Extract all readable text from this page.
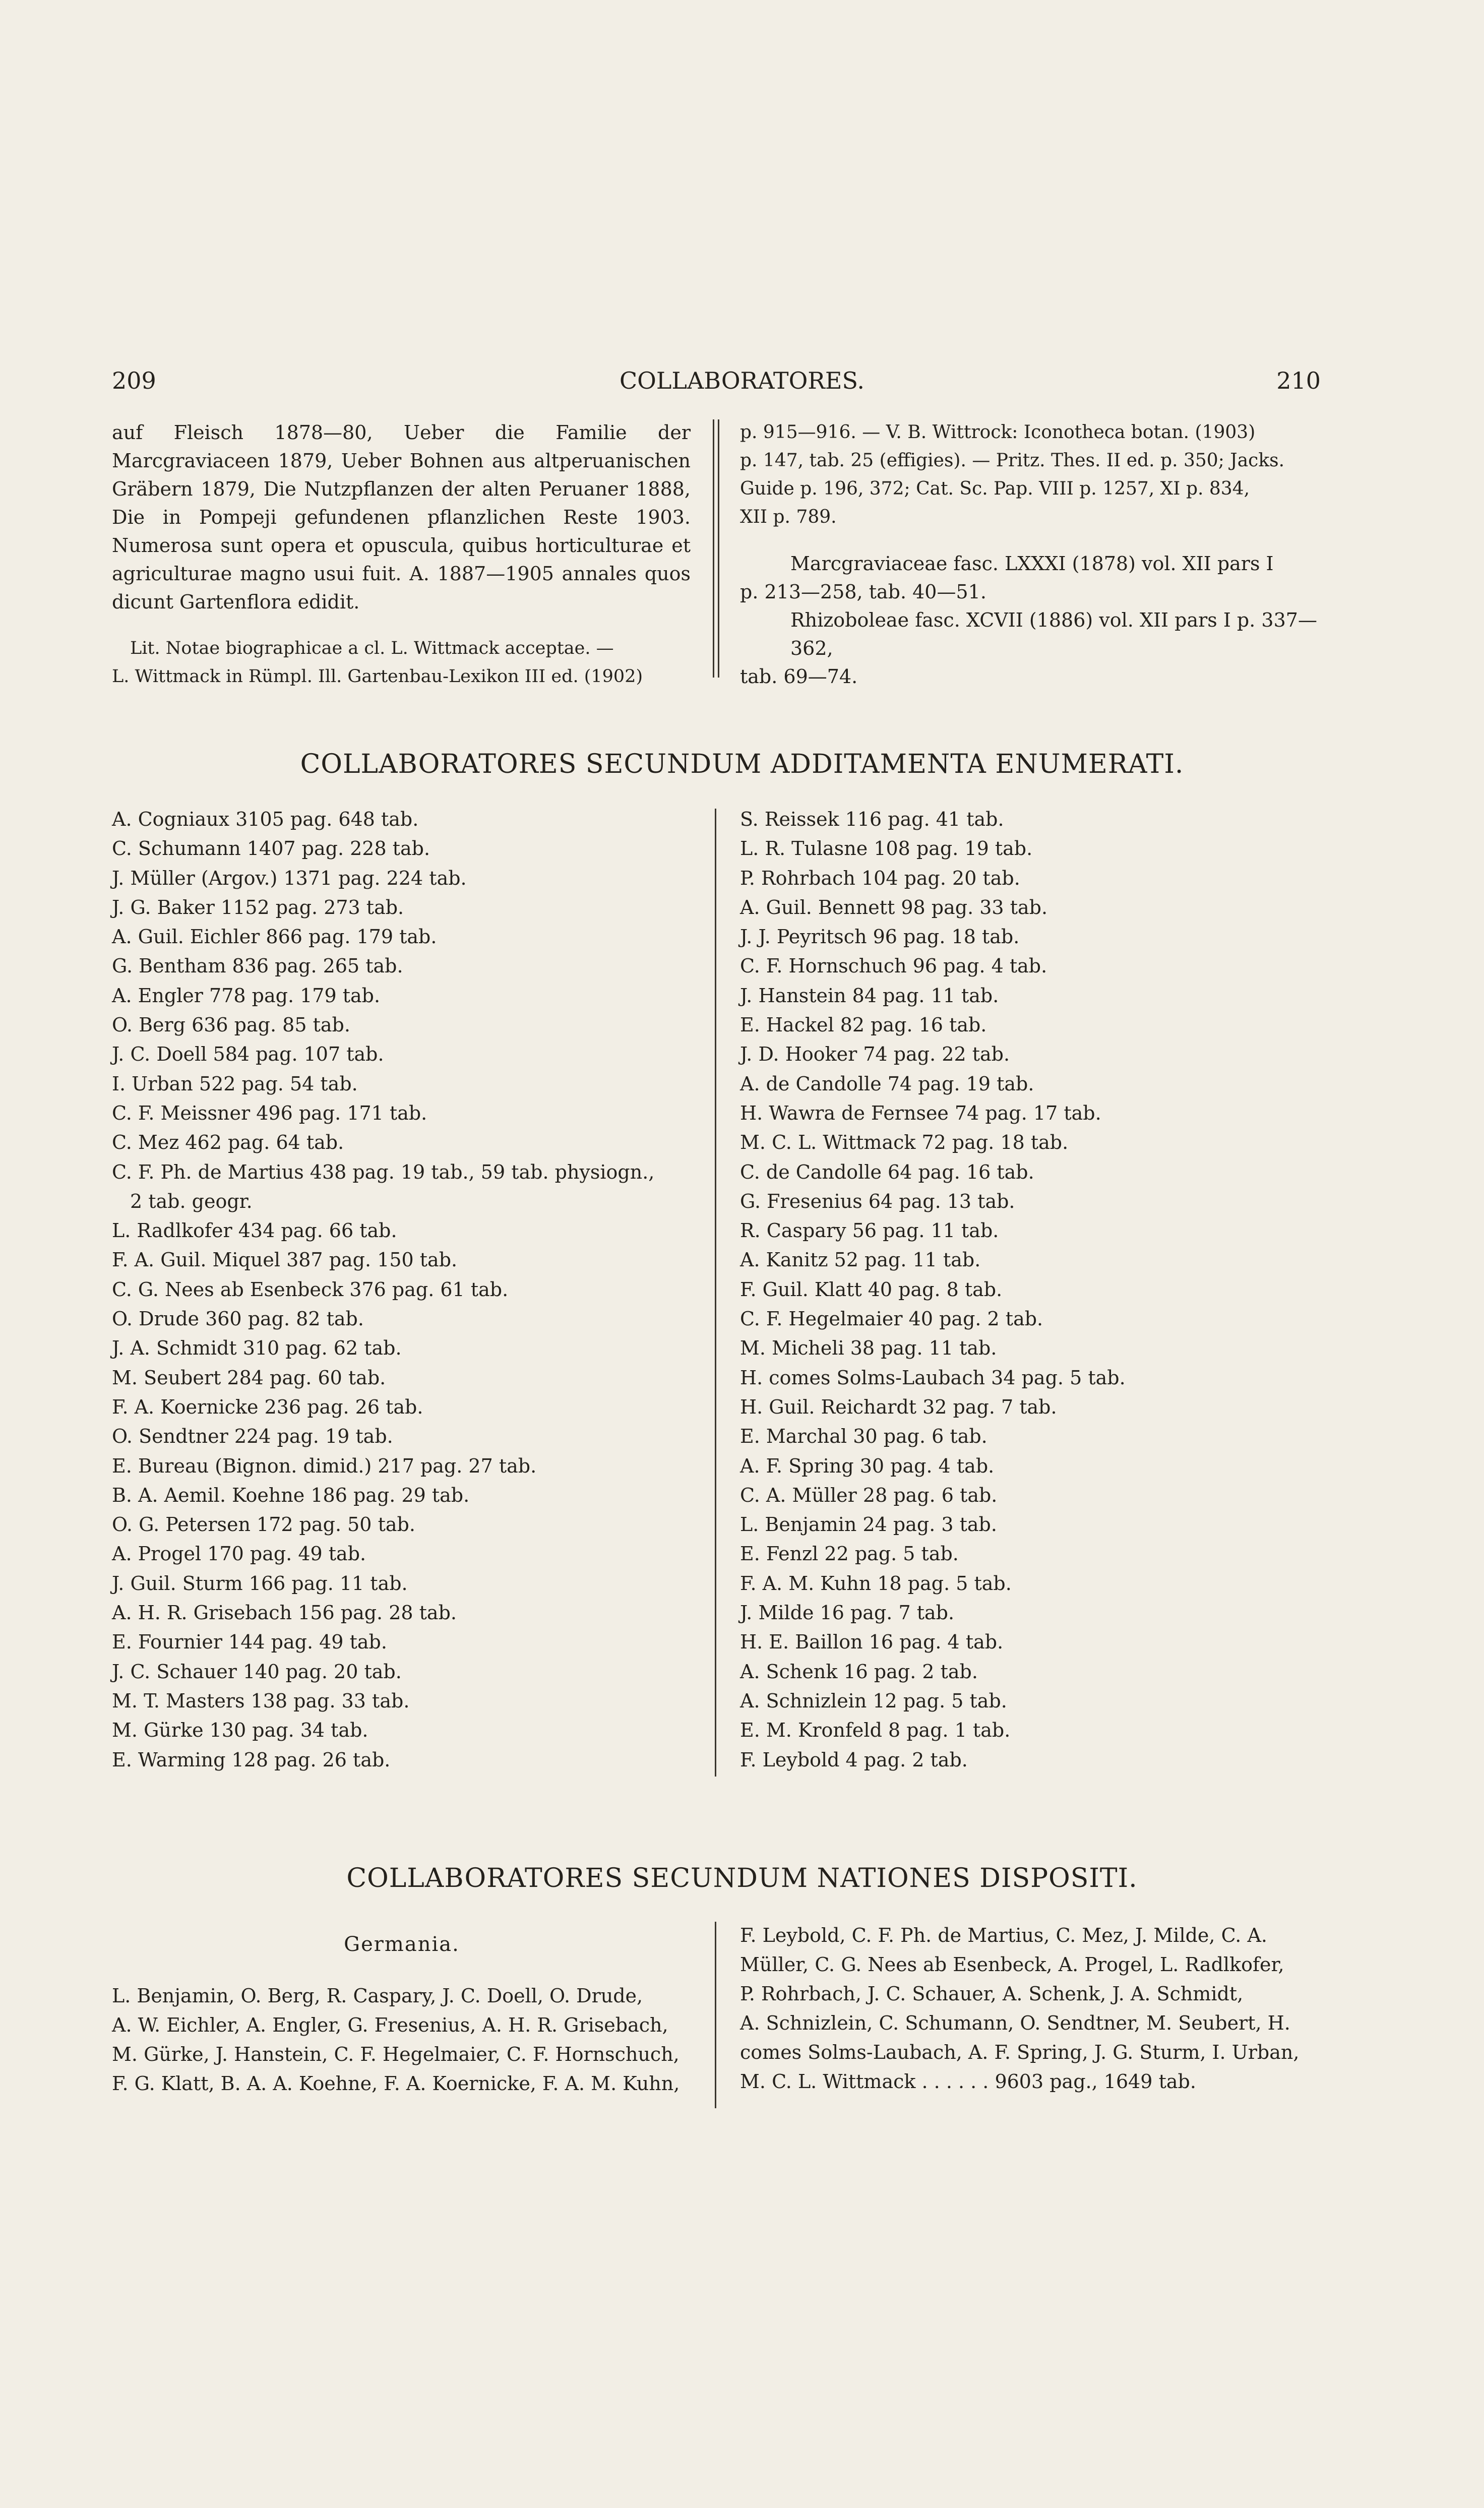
209	COLLABORATORES.	210

auf Fleisch 1878—80, Ueber die Familie der Marcgraviaceen 1879, Ueber Bohnen aus altperuanischen Gräbern 1879, Die Nutzpflanzen der alten Peruaner 1888, Die in Pompeji gefundenen pflanzlichen Reste 1903. Numerosa sunt opera et opuscula, quibus horticulturae et agriculturae magno usui fuit. A. 1887—1905 annales quos dicunt Gartenflora edidit.

Lit. Notae biographicae a cl. L. Wittmack acceptae. —
L. Wittmack in Rümpl. Ill. Gartenbau-Lexikon III ed. (1902)
p. 915—916. — V. B. Wittrock: Iconotheca botan. (1903)
p. 147, tab. 25 (effigies). — Pritz. Thes. II ed. p. 350; Jacks.
Guide p. 196, 372; Cat. Sc. Pap. VIII p. 1257, XI p. 834,
XII p. 789.
Marcgraviaceae fasc. LXXXI (1878) vol. XII pars I
p. 213—258, tab. 40—51.
Rhizoboleae fasc. XCVII (1886) vol. XII pars I p. 337—362,
tab. 69—74.
COLLABORATORES SECUNDUM ADDITAMENTA ENUMERATI.
A. Cogniaux 3105 pag. 648 tab.
C. Schumann 1407 pag. 228 tab.
J. Müller (Argov.) 1371 pag. 224 tab.
J. G. Baker 1152 pag. 273 tab.
A. Guil. Eichler 866 pag. 179 tab.
G. Bentham 836 pag. 265 tab.
A. Engler 778 pag. 179 tab.
O. Berg 636 pag. 85 tab.
J. C. Doell 584 pag. 107 tab.
I. Urban 522 pag. 54 tab.
C. F. Meissner 496 pag. 171 tab.
C. Mez 462 pag. 64 tab.
C. F. Ph. de Martius 438 pag. 19 tab., 59 tab. physiogn.,
2 tab. geogr.
L. Radlkofer 434 pag. 66 tab.
F. A. Guil. Miquel 387 pag. 150 tab.
C. G. Nees ab Esenbeck 376 pag. 61 tab.
O. Drude 360 pag. 82 tab.
J. A. Schmidt 310 pag. 62 tab.
M. Seubert 284 pag. 60 tab.
F. A. Koernicke 236 pag. 26 tab.
O. Sendtner 224 pag. 19 tab.
E. Bureau (Bignon. dimid.) 217 pag. 27 tab.
B. A. Aemil. Koehne 186 pag. 29 tab.
O. G. Petersen 172 pag. 50 tab.
A. Progel 170 pag. 49 tab.
J. Guil. Sturm 166 pag. 11 tab.
A. H. R. Grisebach 156 pag. 28 tab.
E. Fournier 144 pag. 49 tab.
J. C. Schauer 140 pag. 20 tab.
M. T. Masters 138 pag. 33 tab.
M. Gürke 130 pag. 34 tab.
E. Warming 128 pag. 26 tab.
S. Reissek 116 pag. 41 tab.
L. R. Tulasne 108 pag. 19 tab.
P. Rohrbach 104 pag. 20 tab.
A. Guil. Bennett 98 pag. 33 tab.
J. J. Peyritsch 96 pag. 18 tab.
C. F. Hornschuch 96 pag. 4 tab.
J. Hanstein 84 pag. 11 tab.
E. Hackel 82 pag. 16 tab.
J. D. Hooker 74 pag. 22 tab.
A. de Candolle 74 pag. 19 tab.
H. Wawra de Fernsee 74 pag. 17 tab.
M. C. L. Wittmack 72 pag. 18 tab.
C. de Candolle 64 pag. 16 tab.
G. Fresenius 64 pag. 13 tab.
R. Caspary 56 pag. 11 tab.
A. Kanitz 52 pag. 11 tab.
F. Guil. Klatt 40 pag. 8 tab.
C. F. Hegelmaier 40 pag. 2 tab.
M. Micheli 38 pag. 11 tab.
H. comes Solms-Laubach 34 pag. 5 tab.
H. Guil. Reichardt 32 pag. 7 tab.
E. Marchal 30 pag. 6 tab.
A. F. Spring 30 pag. 4 tab.
C. A. Müller 28 pag. 6 tab.
L. Benjamin 24 pag. 3 tab.
E. Fenzl 22 pag. 5 tab.
F. A. M. Kuhn 18 pag. 5 tab.
J. Milde 16 pag. 7 tab.
H. E. Baillon 16 pag. 4 tab.
A. Schenk 16 pag. 2 tab.
A. Schnizlein 12 pag. 5 tab.
E. M. Kronfeld 8 pag. 1 tab.
F. Leybold 4 pag. 2 tab.
COLLABORATORES SECUNDUM NATIONES DISPOSITI.
Germania.
L. Benjamin, O. Berg, R. Caspary, J. C. Doell, O. Drude,
A. W. Eichler, A. Engler, G. Fresenius, A. H. R. Grisebach,
M. Gürke, J. Hanstein, C. F. Hegelmaier, C. F. Hornschuch,
F. G. Klatt, B. A. A. Koehne, F. A. Koernicke, F. A. M. Kuhn,
F. Leybold, C. F. Ph. de Martius, C. Mez, J. Milde, C. A.
Müller, C. G. Nees ab Esenbeck, A. Progel, L. Radlkofer,
P. Rohrbach, J. C. Schauer, A. Schenk, J. A. Schmidt,
A. Schnizlein, C. Schumann, O. Sendtner, M. Seubert, H.
comes Solms-Laubach, A. F. Spring, J. G. Sturm, I. Urban,
M. C. L. Wittmack . . . . . . 9603 pag., 1649 tab.
